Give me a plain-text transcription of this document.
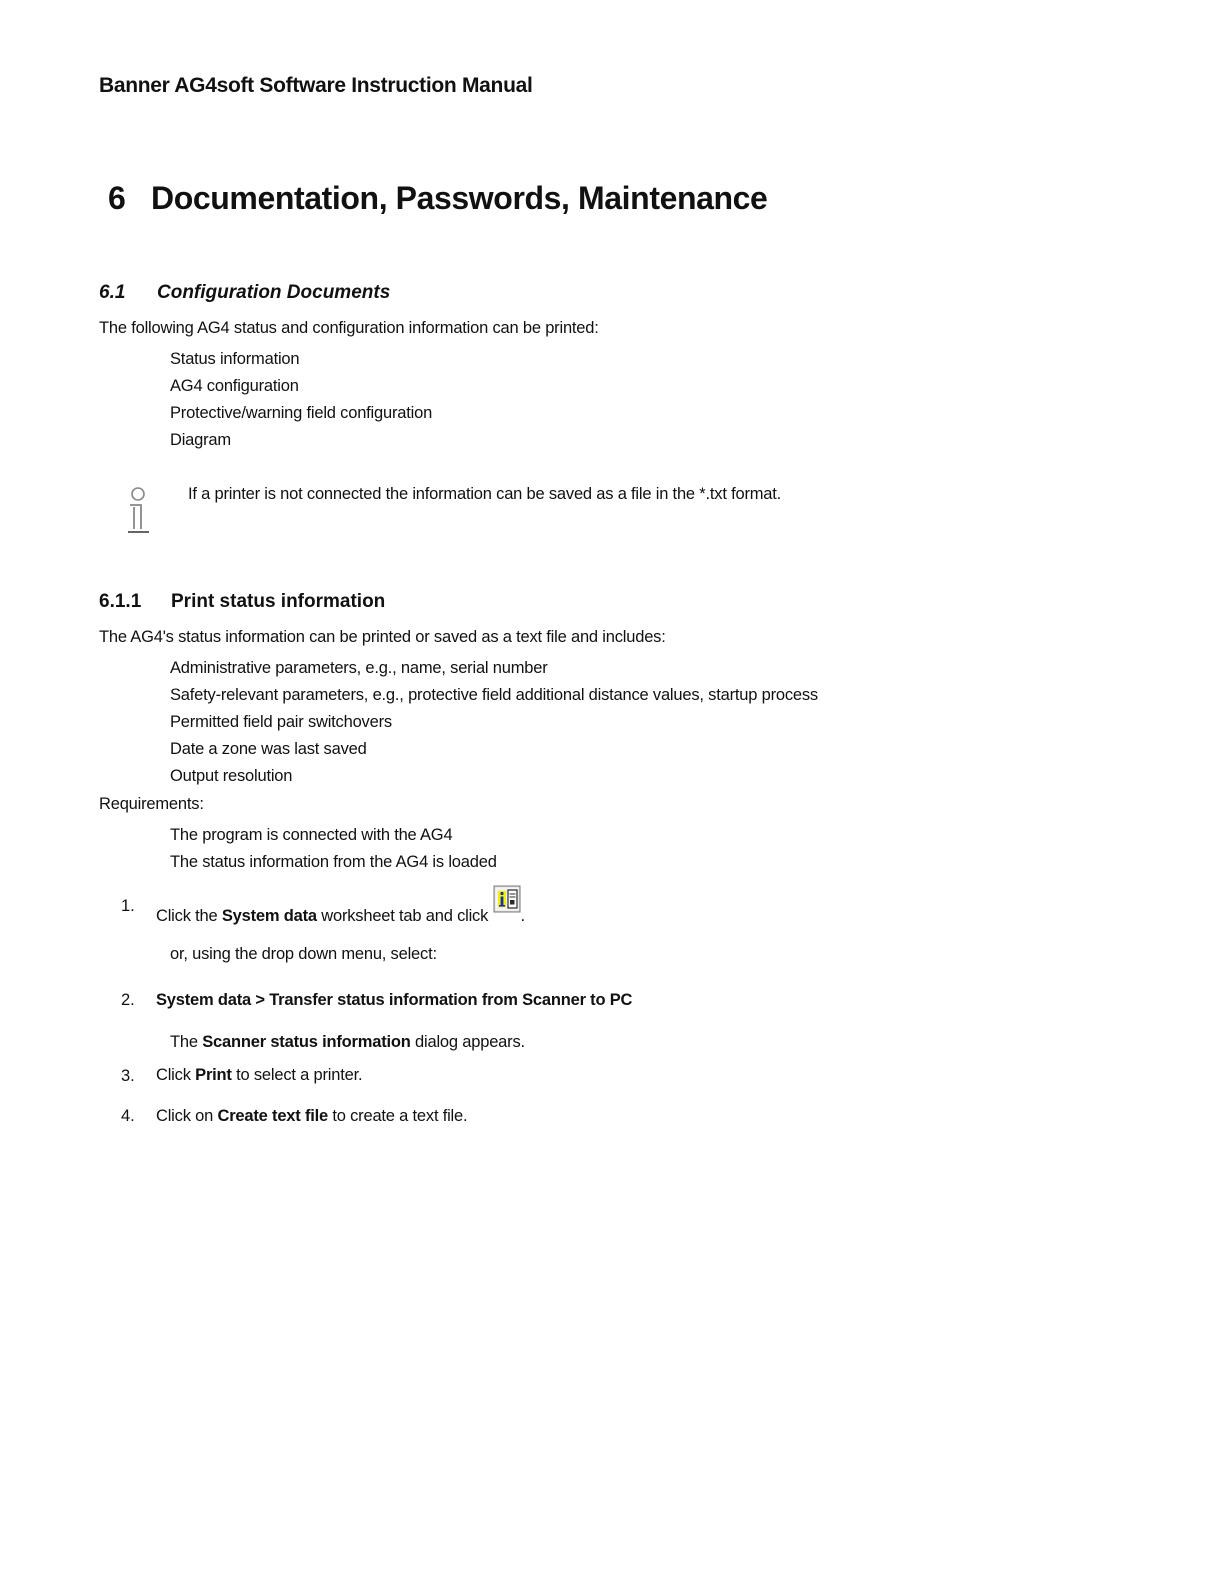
Banner AG4soft Software Instruction Manual
6 Documentation, Passwords, Maintenance
6.1 Configuration Documents
The following AG4 status and configuration information can be printed:
Status information
AG4 configuration
Protective/warning field configuration
Diagram
If a printer is not connected the information can be saved as a file in the *.txt format.
6.1.1 Print status information
The AG4's status information can be printed or saved as a text file and includes:
Administrative parameters, e.g., name, serial number
Safety-relevant parameters, e.g., protective field additional distance values, startup process
Permitted field pair switchovers
Date a zone was last saved
Output resolution
Requirements:
The program is connected with the AG4
The status information from the AG4 is loaded
1.
Click the System data worksheet tab and click .
or, using the drop down menu, select:
2. System data > Transfer status information from Scanner to PC
The Scanner status information dialog appears.
3. Click Print to select a printer.
4. Click on Create text file to create a text file.
